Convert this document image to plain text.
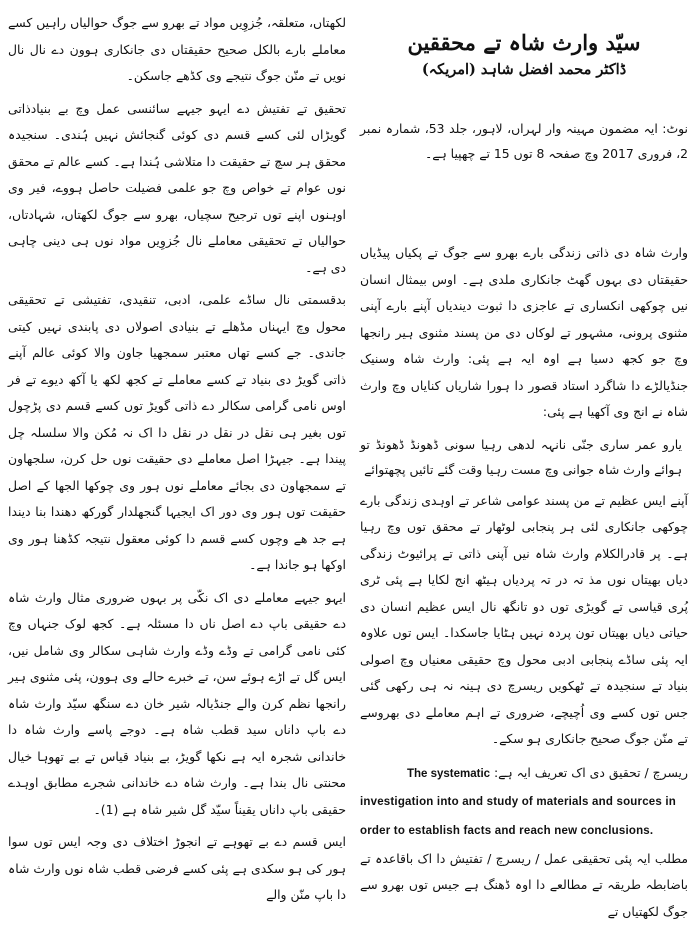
سیّد وارث شاہ تے محققین
ڈاکٹر محمد افضل شاہد (امریکہ)

نوٹ: ایہ مضمون مہینہ وار لہراں، لاہور، جلد 53، شمارہ نمبر 2، فروری 2017 وچ صفحہ 8 توں 15 تے چھپیا ہے۔

وارث شاہ دی ذاتی زندگی بارے بھرو سے جوگ تے پکیاں پیڈیاں حقیقتاں دی بہوں گھٹ جانکاری ملدی ہے۔ اوس بیمثال انسان نیں چوکھی انکساری تے عاجزی دا ثبوت دیندیاں آپنے بارے آپنی مثنوی پرونی، مشہور تے لوکاں دی من پسند مثنوی ہیر رانجھا وچ جو کجھ دسیا ہے اوہ ایہ ہے پئی: وارث شاہ وسنیک جنڈیالڑے دا شاگرد استاد قصور دا ہورا شاریاں کنایاں وچ وارث شاہ نے انج وی آکھیا ہے پئی:

یارو عمر ساری جنّی نانہہ لدھی رہیا سونی ڈھونڈ ڈھونڈ تو ہوائے وارث شاہ جوانی وچ مست رہیا وقت گئے تائیں پچھتوائے

آپنے ایس عظیم تے من پسند عوامی شاعر تے اوہدی زندگی بارے چوکھی جانکاری لئی ہر پنجابی لوٹھار تے محقق توں وچ رہیا ہے۔ پر قادرالکلام وارث شاہ نیں آپنی ذاتی تے پرائیوٹ زندگی دیاں بھیتاں نوں مذ تہ در تہ پردیاں ہیٹھ انج لکایا ہے پئی ٹری پُری قیاسی تے گویڑی توں دو تانگھ نال ایس عظیم انسان دی حیاتی دیاں بھیتاں تون پردہ نہیں ہٹایا جاسکدا۔ ایس توں علاوہ ایہ پئی ساڈے پنجابی ادبی محول وچ حقیقی معنیاں وچ اصولی بنیاد تے سنجیدہ تے ٹھکویں ریسرچ دی ہینہ نہ ہی رکھی گئی جس توں کسے وی اُچیچے، ضروری تے اہم معاملے دی بھروسے تے منّن جوگ صحیح جانکاری ہو سکے۔

ریسرچ / تحقیق دی اک تعریف ایہ ہے: The systematic

investigation into and study of materials and sources in order to establish facts and reach new conclusions.

مطلب ایہ پئی تحقیقی عمل / ریسرچ / تفتیش دا اک باقاعدہ تے باضابطہ طریقہ تے مطالعے دا اوہ ڈھنگ ہے جیس توں بھرو سے جوگ لکھتیاں تے

لکھتاں، متعلقہ، جُزوِیں مواد تے بھرو سے جوگ حوالیاں راہیں کسے معاملے بارے بالکل صحیح حقیقتاں دی جانکاری ہوون دے نال نال نویں تے منّن جوگ نتیجے وی کڈھے جاسکن۔

تحقیق تے تفتیش دے ایہو جیہے سائنسی عمل وچ بے بنیادذاتی گویڑاں لئی کسے قسم دی کوئی گنجائش نہیں ہُندی۔ سنجیدہ محقق ہر سچ تے حقیقت دا متلاشی ہُندا ہے۔ کسے عالم تے محقق نوں عوام تے خواص وچ جو علمی فضیلت حاصل ہووے، فیر وی اوہنوں اپنے توں ترجیح سچیاں، بھرو سے جوگ لکھتاں، شہادتاں، حوالیاں تے تحقیقی معاملے نال جُزوِیں مواد نوں ہی دینی چاہی دی ہے۔

بدقسمتی نال ساڈے علمی، ادبی، تنقیدی، تفتیشی تے تحقیقی محول وچ ایہناں مڈھلے تے بنیادی اصولاں دی پابندی نہیں کیتی جاندی۔ جے کسے تھاں معتبر سمجھیا جاون والا کوئی عالم آپنے ذاتی گویڑ دی بنیاد تے کسے معاملے تے کجھ لکھ یا آکھ دیوے تے فر اوس نامی گرامی سکالر دے ذاتی گویڑ توں کسے قسم دی پڑچول توں بغیر ہی نقل در نقل در نقل دا اک نہ مُکن والا سلسلہ چل پیندا ہے۔ جیہڑا اصل معاملے دی حقیقت نوں حل کرن، سلجھاون تے سمجھاون دی بجائے معاملے نوں ہور وی چوکھا الجھا کے اصل حقیقت توں ہور وی دور اک ایجیہا گنجھلدار گورکھ دھندا بنا دیندا ہے جد ھے وچوں کسے قسم دا کوئی معقول نتیجہ کڈھنا ہور وی اوکھا ہو جاندا ہے۔

ایہو جیہے معاملے دی اک نکّی پر بہوں ضروری مثال وارث شاہ دے حقیقی باپ دے اصل ناں دا مسئلہ ہے۔ کجھ لوک جنہاں وچ کئی نامی گرامی تے وڈے وڈے وارث شاہی سکالر وی شامل نیں، ایس گل تے اڑے ہوئے سن، تے خبرے حالے وی ہوون، پئی مثنوی ہیر رانجھا نظم کرن والے جنڈیالہ شیر خان دے سنگھ سیّد وارث شاہ دے باپ داناں سید قطب شاہ ہے۔ دوجے پاسے وارث شاہ دا خاندانی شجرہ ایہ ہے نکھا گویڑ، بے بنیاد قیاس تے بے تھوہا خیال محنتی نال بندا ہے۔ وارث شاہ دے خاندانی شجرے مطابق اوہدے حقیقی باپ داناں یقیناً سیّد گل شیر شاہ ہے (1)۔

ایس قسم دے بے تھوہے تے انجوڑ اختلاف دی وجہ ایس توں سوا ہور کی ہو سکدی ہے پئی کسے فرضی قطب شاہ نوں وارث شاہ دا باپ منّن والے
